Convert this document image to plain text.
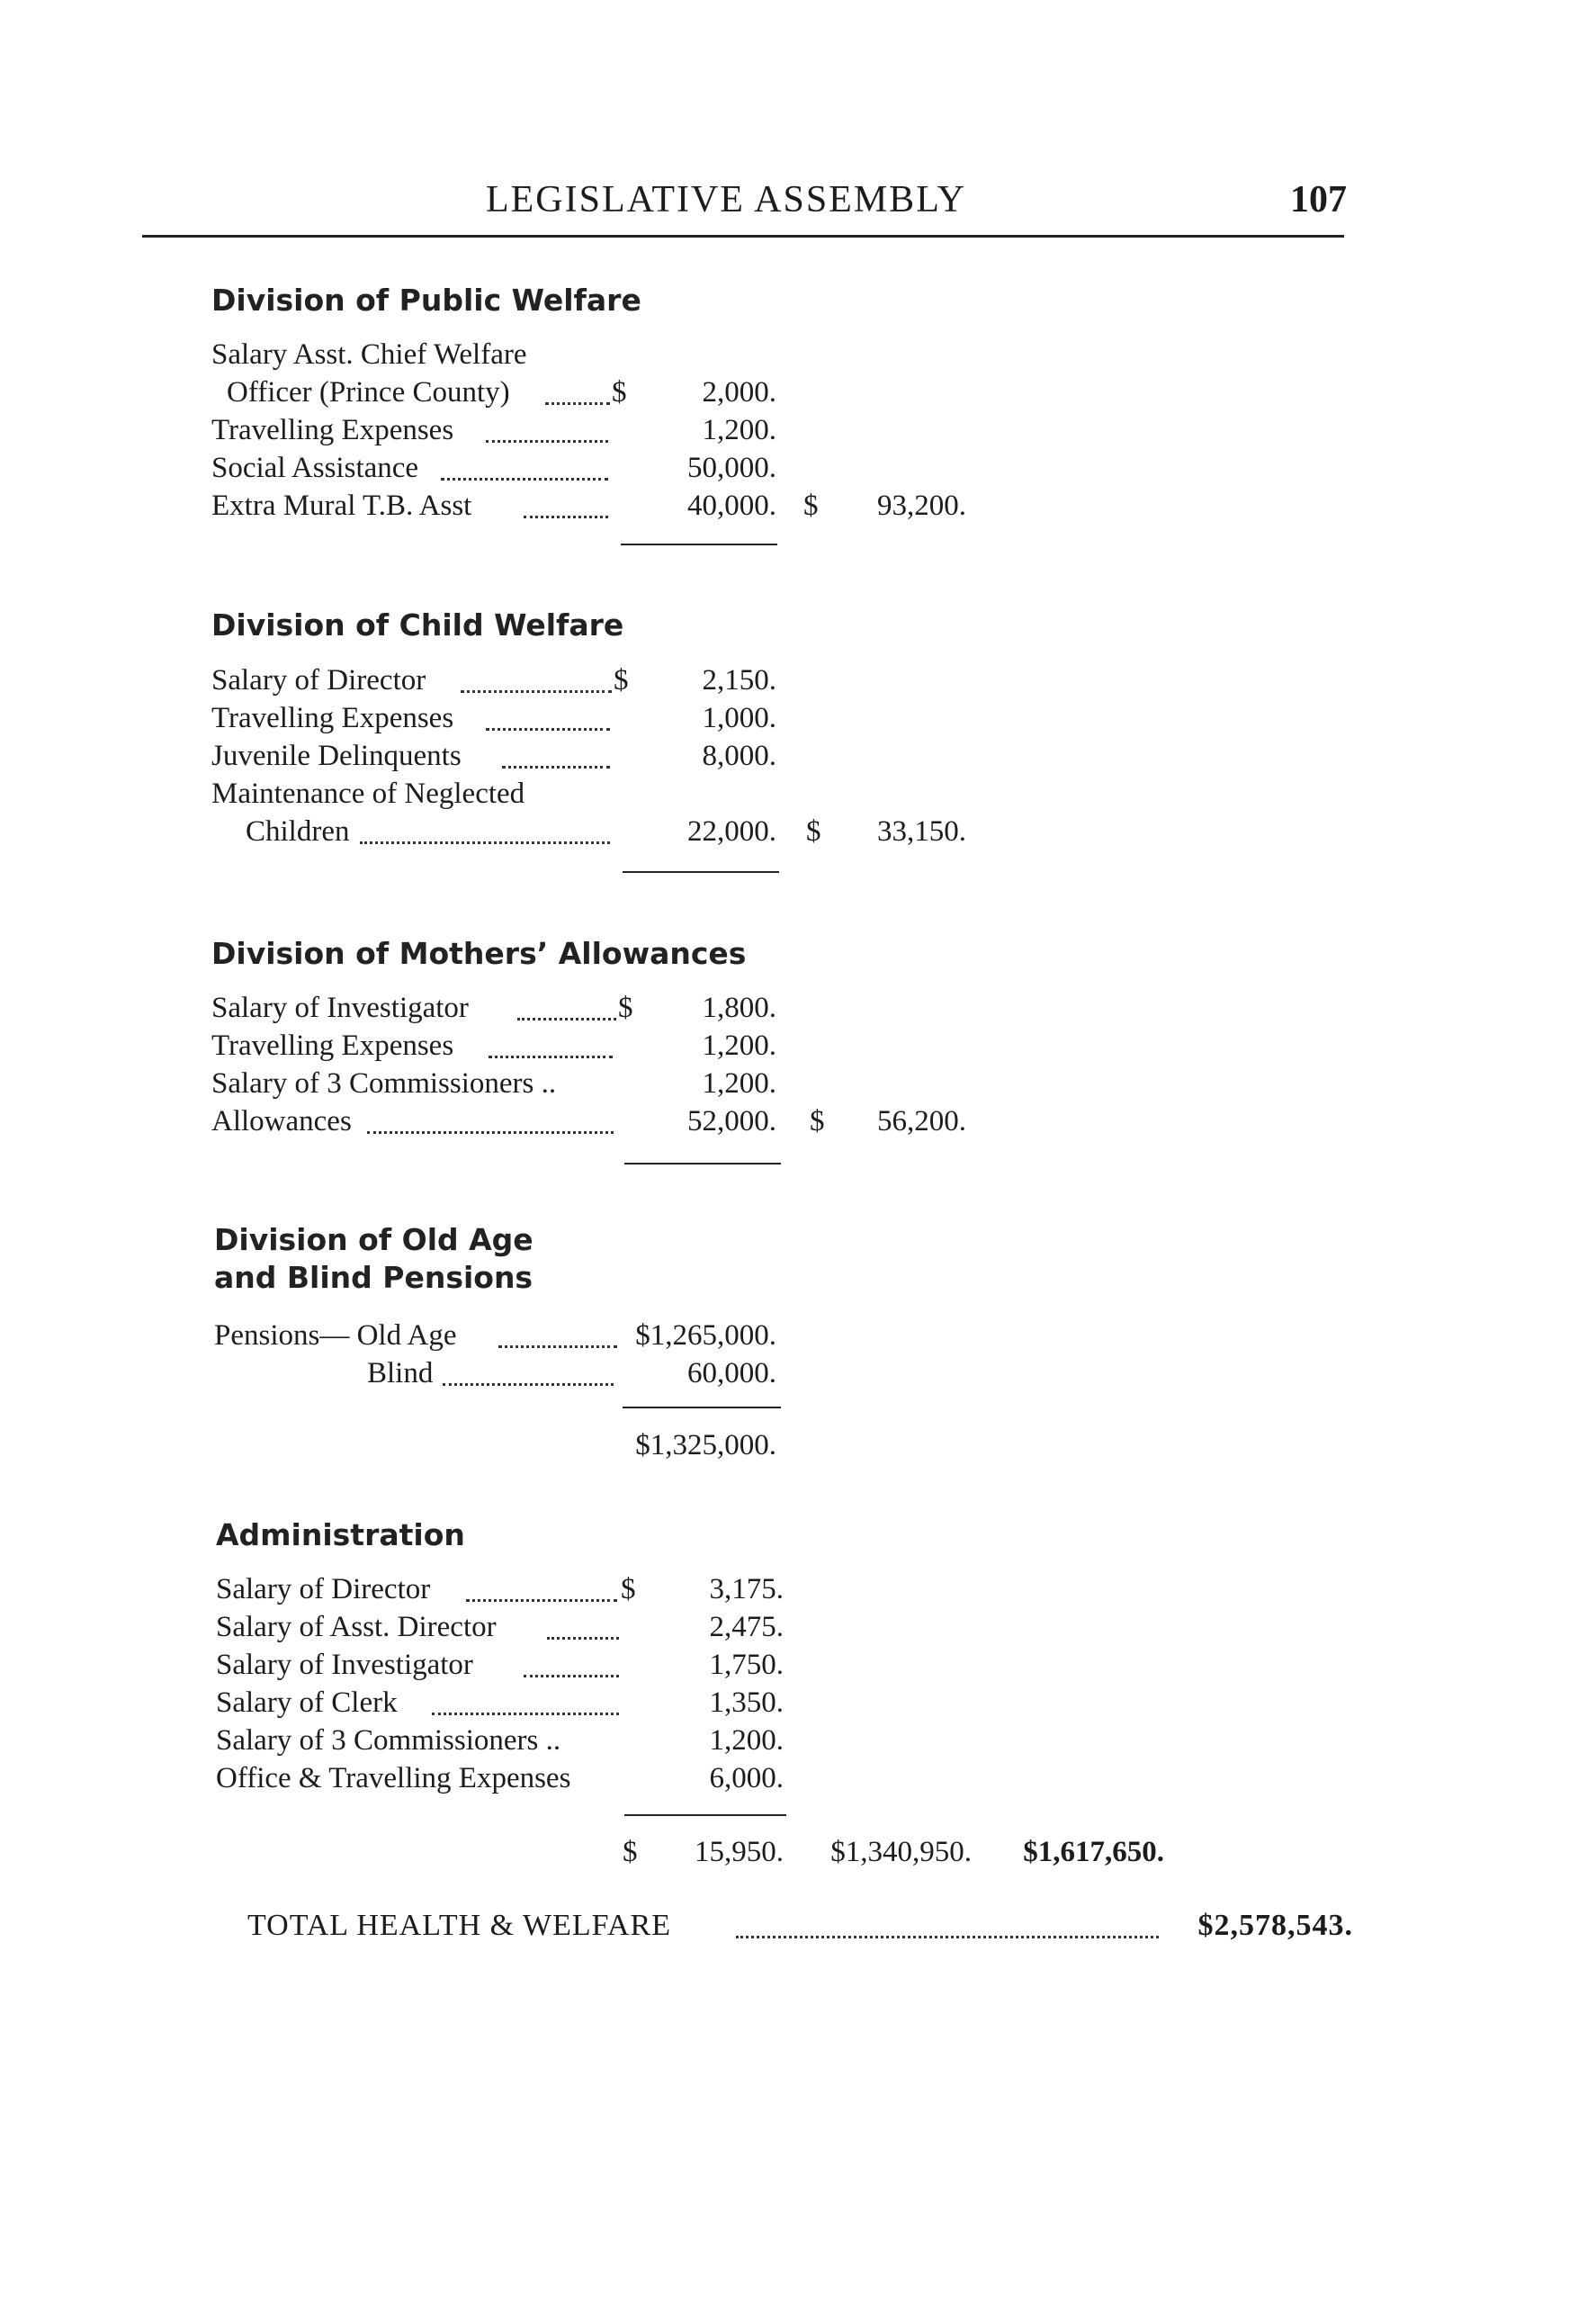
LEGISLATIVE ASSEMBLY	107
Division of Public Welfare
Salary Asst. Chief Welfare
Officer (Prince County)	$	2,000.
Travelling Expenses	1,200.
Social Assistance	50,000.
Extra Mural T.B. Asst	40,000. $ 93,200.
Division of Child Welfare
Salary of Director	$ 2,150.
Travelling Expenses	1,000.
Juvenile Delinquents	8,000.
Maintenance of Neglected
Children	22,000. $ 33,150.
Division of Mothers’ Allowances
Salary of Investigator	$ 1,800.
Travelling Expenses	1,200.
Salary of 3 Commissioners ..	1,200.
Allowances	52,000. $ 56,200.
Division of Old Age
and Blind Pensions
Pensions— Old Age	$1,265,000.
Blind	60,000.
$1,325,000.
Administration
Salary of Director	$ 3,175.
Salary of Asst. Director	2,475.
Salary of Investigator	1,750.
Salary of Clerk	1,350.
Salary of 3 Commissioners ..	1,200.
Office & Travelling Expenses	6,000.
$ 15,950. $1,340,950. $1,617,650.
TOTAL HEALTH & WELFARE	$2,578,543.
